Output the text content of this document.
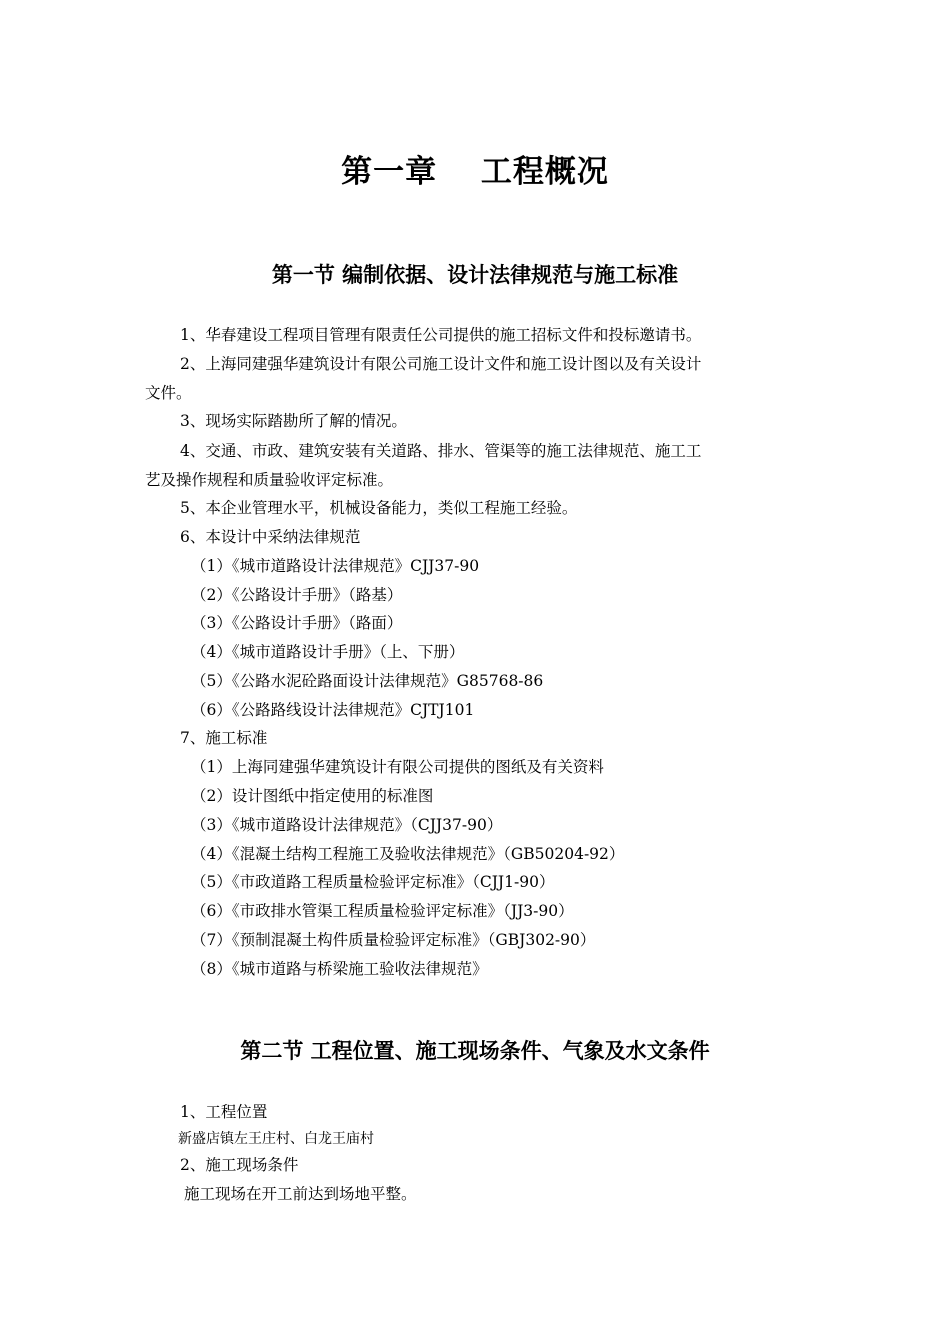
第一章　 工程概况
第一节 编制依据、设计法律规范与施工标准
1、华春建设工程项目管理有限责任公司提供的施工招标文件和投标邀请书。
2、上海同建强华建筑设计有限公司施工设计文件和施工设计图以及有关设计
文件。
3、现场实际踏勘所了解的情况。
4、交通、市政、建筑安装有关道路、排水、管渠等的施工法律规范、施工工
艺及操作规程和质量验收评定标准。
5、本企业管理水平，机械设备能力，类似工程施工经验。
6、本设计中采纳法律规范
（1）《城市道路设计法律规范》CJJ37-90
（2）《公路设计手册》（路基）
（3）《公路设计手册》（路面）
（4）《城市道路设计手册》（上、下册）
（5）《公路水泥砼路面设计法律规范》G85768-86
（6）《公路路线设计法律规范》CJTJ101
7、施工标准
（1）上海同建强华建筑设计有限公司提供的图纸及有关资料
（2）设计图纸中指定使用的标准图
（3）《城市道路设计法律规范》（CJJ37-90）
（4）《混凝土结构工程施工及验收法律规范》（GB50204-92）
（5）《市政道路工程质量检验评定标准》（CJJ1-90）
（6）《市政排水管渠工程质量检验评定标准》（JJ3-90）
（7）《预制混凝土构件质量检验评定标准》（GBJ302-90）
（8）《城市道路与桥梁施工验收法律规范》
第二节 工程位置、施工现场条件、气象及水文条件
1、工程位置
新盛店镇左王庄村、白龙王庙村
2、施工现场条件
施工现场在开工前达到场地平整。
